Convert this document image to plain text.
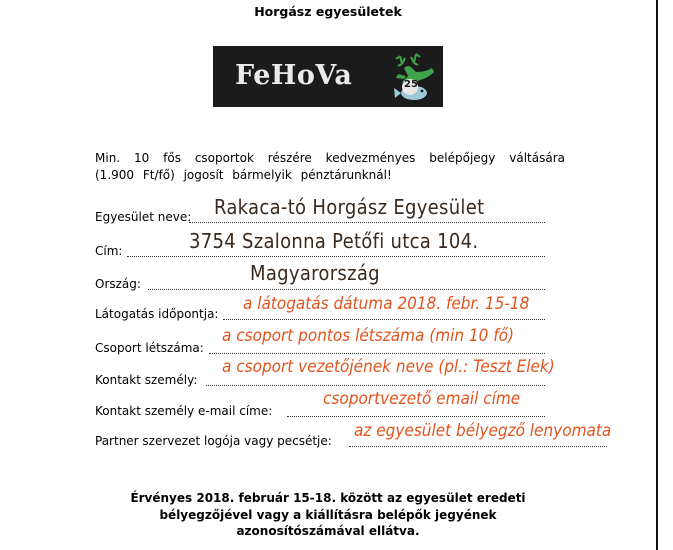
Horgász egyesületek
FeHoVa	25
Min. 10 fős csoportok részére kedvezményes belépőjegy váltására (1.900 Ft/fő) jogosít bármelyik pénztárunknál!
Egyesület neve: Rakaca-tó Horgász Egyesület
Cím:	3754 Szalonna Petőfi utca 104.
Ország:	Magyarország
Látogatás időpontja: a látogatás dátuma 2018. febr. 15-18
Csoport létszáma:
a csoport pontos létszáma (min 10 fő)
Kontakt személy:
a csoport vezetőjének neve (pl.: Teszt Elek)
Kontakt személy e-mail címe:
csoportvezető email címe
Partner szervezet logója vagy pecsétje: az egyesület bélyegző lenyomata
Érvényes 2018. február 15-18. között az egyesület eredeti
bélyegzőjével vagy a kiállításra belépők jegyének
azonosítószámával ellátva.
